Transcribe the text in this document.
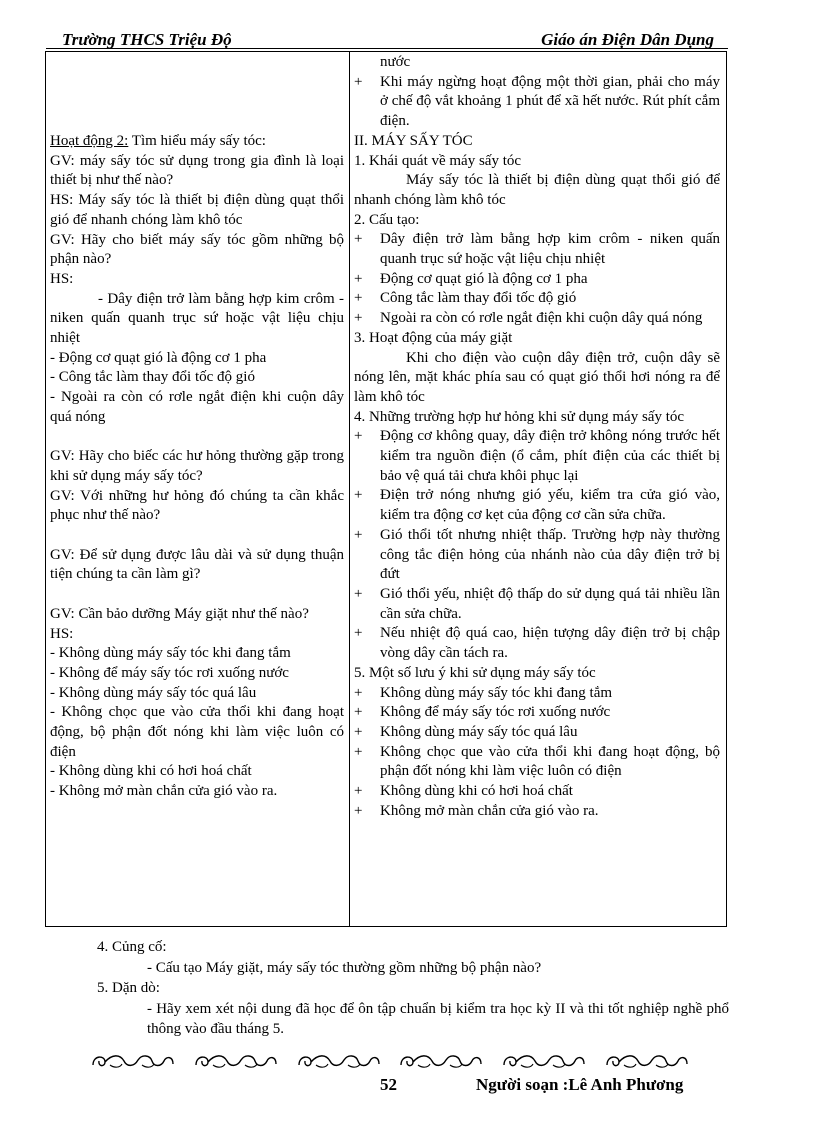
Trường THCS Triệu Độ	Giáo án Điện Dân Dụng

Hoạt động 2: Tìm hiểu máy sấy tóc:

GV: máy sấy tóc sử dụng trong gia đình là loại thiết bị như thế nào?

HS: Máy sấy tóc là thiết bị điện dùng quạt thổi gió để nhanh chóng làm khô tóc

GV: Hãy cho biết máy sấy tóc gồm những bộ phận nào?

HS:

- Dây điện trở làm bằng hợp kim crôm - niken quấn quanh trục sứ hoặc vật liệu chịu nhiệt

- Động cơ quạt gió là động cơ 1 pha

- Công tắc làm thay đổi tốc độ gió

- Ngoài ra còn có rơle ngắt điện khi cuộn dây quá nóng

GV: Hãy cho biếc các hư hỏng thường gặp trong khi sử dụng máy sấy tóc?

GV: Với những hư hỏng đó chúng ta cần khắc phục như thế nào?

GV: Để sử dụng được lâu dài và sử dụng thuận tiện chúng ta cần làm gì?

GV: Cần bảo dưỡng Máy giặt như thế nào?

HS:

- Không dùng máy sấy tóc khi đang tắm

- Không để máy sấy tóc rơi xuống nước

- Không dùng máy sấy tóc quá lâu

- Không chọc que vào cửa thổi khi đang hoạt động, bộ phận đốt nóng khi làm việc luôn có điện

- Không dùng khi có hơi hoá chất

- Không mở màn chắn cửa gió vào ra.

nước

+	Khi máy ngừng hoạt động một thời gian, phải cho máy ở chế độ vắt khoảng 1 phút để xã hết nước. Rút phít cắm điện.

II. MÁY SẤY TÓC

1. Khái quát về máy sấy tóc

Máy sấy tóc là thiết bị điện dùng quạt thổi gió để nhanh chóng làm khô tóc

2. Cấu tạo:

+	Dây điện trở làm bằng hợp kim crôm - niken quấn quanh trục sứ hoặc vật liệu chịu nhiệt
+	Động cơ quạt gió là động cơ 1 pha
+	Công tắc làm thay đổi tốc độ gió
+	Ngoài ra còn có rơle ngắt điện khi cuộn dây quá nóng

3. Hoạt động của máy giặt

Khi cho điện vào cuộn dây điện trở, cuộn dây sẽ nóng lên, mặt khác phía sau có quạt gió thổi hơi nóng ra để làm khô tóc

4. Những trường hợp hư hỏng khi sử dụng máy sấy tóc

+	Động cơ không quay, dây điện trở không nóng trước hết kiểm tra nguồn điện (ổ cắm, phít điện của các thiết bị bảo vệ quá tải chưa khôi phục lại
+	Điện trở nóng nhưng gió yếu, kiểm tra cửa gió vào, kiểm tra động cơ kẹt của động cơ cần sửa chữa.
+	Gió thổi tốt nhưng nhiệt thấp. Trường hợp này thường công tắc điện hỏng của nhánh nào của dây điện trở bị đứt
+	Gió thổi yếu, nhiệt độ thấp do sử dụng quá tải nhiều lần cần sửa chữa.
+	Nếu nhiệt độ quá cao, hiện tượng dây điện trở bị chập vòng dây cần tách ra.

5. Một số lưu ý khi sử dụng máy sấy tóc

+	Không dùng máy sấy tóc khi đang tắm
+	Không để máy sấy tóc rơi xuống nước
+	Không dùng máy sấy tóc quá lâu
+	Không chọc que vào cửa thổi khi đang hoạt động, bộ phận đốt nóng khi làm việc luôn có điện
+	Không dùng khi có hơi hoá chất
+	Không mở màn chắn cửa gió vào ra.

4. Củng cố:

- Cấu tạo Máy giặt, máy sấy tóc thường gồm những bộ phận nào?

5. Dặn dò:

- Hãy xem xét nội dung đã học để ôn tập chuẩn bị kiểm tra học kỳ II và thi tốt nghiệp nghề phổ thông vào đầu tháng 5.

52	Người soạn :Lê Anh Phương
